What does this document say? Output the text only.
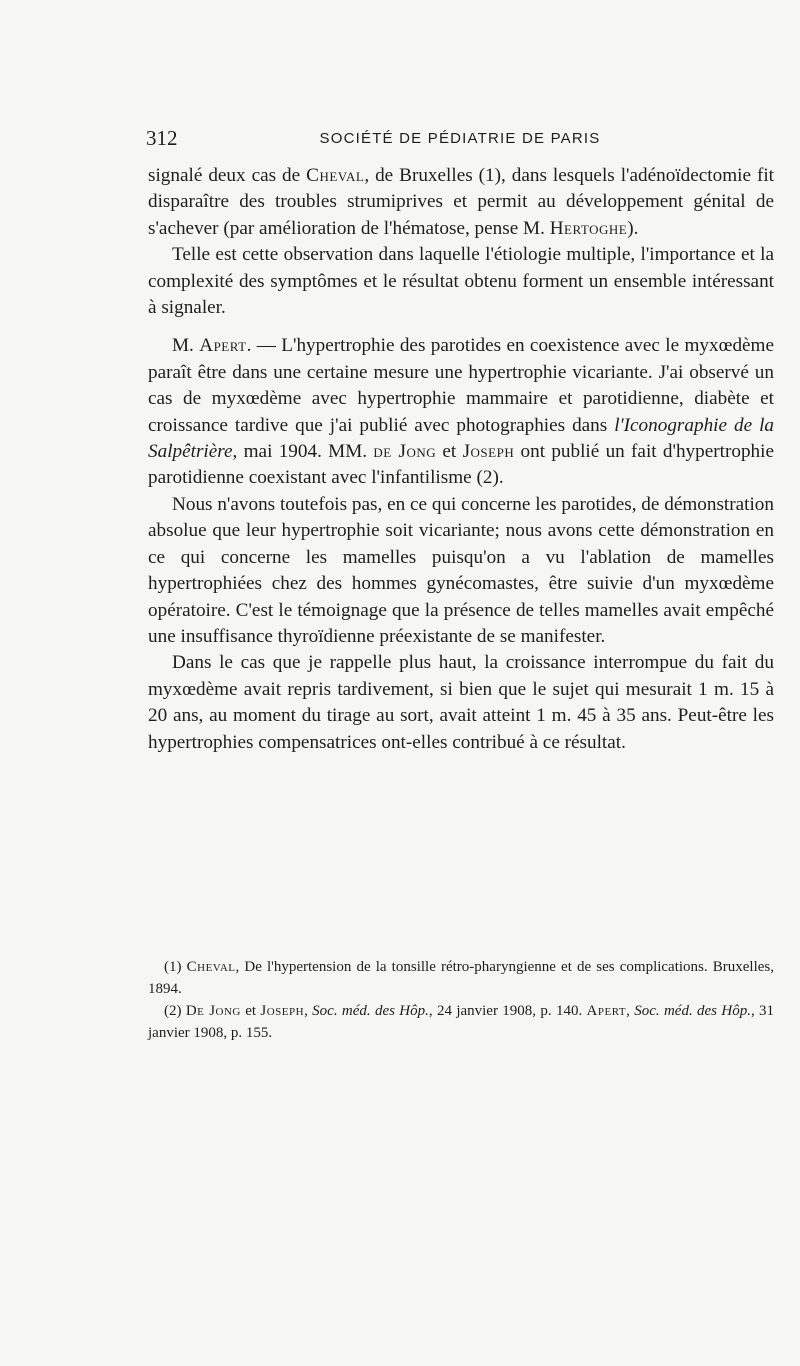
312	SOCIÉTÉ DE PÉDIATRIE DE PARIS

signalé deux cas de Cheval, de Bruxelles (1), dans lesquels l'adénoïdectomie fit disparaître des troubles strumiprives et permit au développement génital de s'achever (par amélioration de l'hématose, pense M. Hertoghe).

Telle est cette observation dans laquelle l'étiologie multiple, l'importance et la complexité des symptômes et le résultat obtenu forment un ensemble intéressant à signaler.

M. Apert. — L'hypertrophie des parotides en coexistence avec le myxœdème paraît être dans une certaine mesure une hypertrophie vicariante. J'ai observé un cas de myxœdème avec hypertrophie mammaire et parotidienne, diabète et croissance tardive que j'ai publié avec photographies dans l'Iconographie de la Salpêtrière, mai 1904. MM. de Jong et Joseph ont publié un fait d'hypertrophie parotidienne coexistant avec l'infantilisme (2).

Nous n'avons toutefois pas, en ce qui concerne les parotides, de démonstration absolue que leur hypertrophie soit vicariante; nous avons cette démonstration en ce qui concerne les mamelles puisqu'on a vu l'ablation de mamelles hypertrophiées chez des hommes gynécomastes, être suivie d'un myxœdème opératoire. C'est le témoignage que la présence de telles mamelles avait empêché une insuffisance thyroïdienne préexistante de se manifester.

Dans le cas que je rappelle plus haut, la croissance interrompue du fait du myxœdème avait repris tardivement, si bien que le sujet qui mesurait 1 m. 15 à 20 ans, au moment du tirage au sort, avait atteint 1 m. 45 à 35 ans. Peut-être les hypertrophies compensatrices ont-elles contribué à ce résultat.

(1) Cheval, De l'hypertension de la tonsille rétro-pharyngienne et de ses complications. Bruxelles, 1894.

(2) De Jong et Joseph, Soc. méd. des Hôp., 24 janvier 1908, p. 140. Apert, Soc. méd. des Hôp., 31 janvier 1908, p. 155.
